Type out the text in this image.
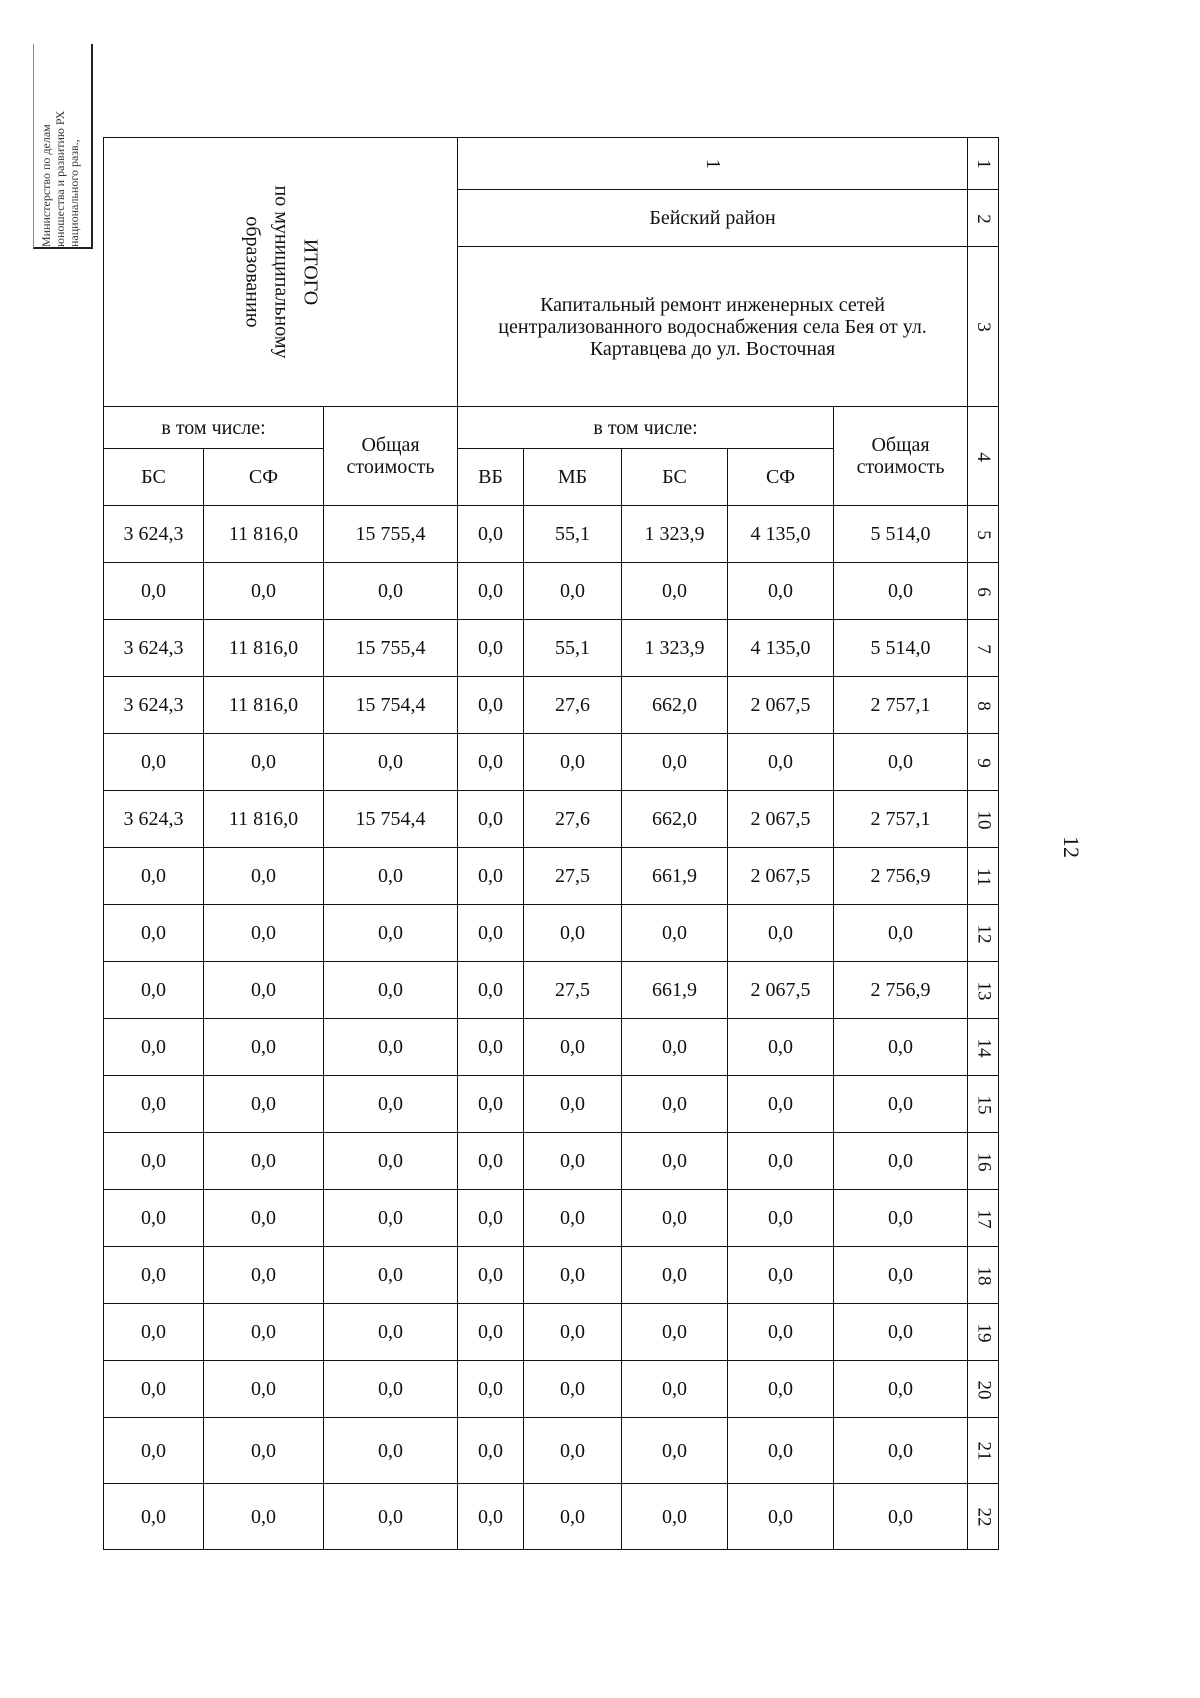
Министерство по делам
юношества и развитию РХ
национального разв.,
12
ИТОГО
по муниципальному
образованию			1					1
			Бейский район					2
			Капитальный ремонт инженерных сетей централизованного водоснабжения села Бея от ул. Картавцева до ул. Восточная					3
в том числе:		Общая стоимость	в том числе:				Общая стоимость	4
БС	СФ		ВБ	МБ	БС	СФ		
3 624,3	11 816,0	15 755,4	0,0	55,1	1 323,9	4 135,0	5 514,0	5
0,0	0,0	0,0	0,0	0,0	0,0	0,0	0,0	6
3 624,3	11 816,0	15 755,4	0,0	55,1	1 323,9	4 135,0	5 514,0	7
3 624,3	11 816,0	15 754,4	0,0	27,6	662,0	2 067,5	2 757,1	8
0,0	0,0	0,0	0,0	0,0	0,0	0,0	0,0	9
3 624,3	11 816,0	15 754,4	0,0	27,6	662,0	2 067,5	2 757,1	10
0,0	0,0	0,0	0,0	27,5	661,9	2 067,5	2 756,9	11
0,0	0,0	0,0	0,0	0,0	0,0	0,0	0,0	12
0,0	0,0	0,0	0,0	27,5	661,9	2 067,5	2 756,9	13
0,0	0,0	0,0	0,0	0,0	0,0	0,0	0,0	14
0,0	0,0	0,0	0,0	0,0	0,0	0,0	0,0	15
0,0	0,0	0,0	0,0	0,0	0,0	0,0	0,0	16
0,0	0,0	0,0	0,0	0,0	0,0	0,0	0,0	17
0,0	0,0	0,0	0,0	0,0	0,0	0,0	0,0	18
0,0	0,0	0,0	0,0	0,0	0,0	0,0	0,0	19
0,0	0,0	0,0	0,0	0,0	0,0	0,0	0,0	20
0,0	0,0	0,0	0,0	0,0	0,0	0,0	0,0	21
0,0	0,0	0,0	0,0	0,0	0,0	0,0	0,0	22
